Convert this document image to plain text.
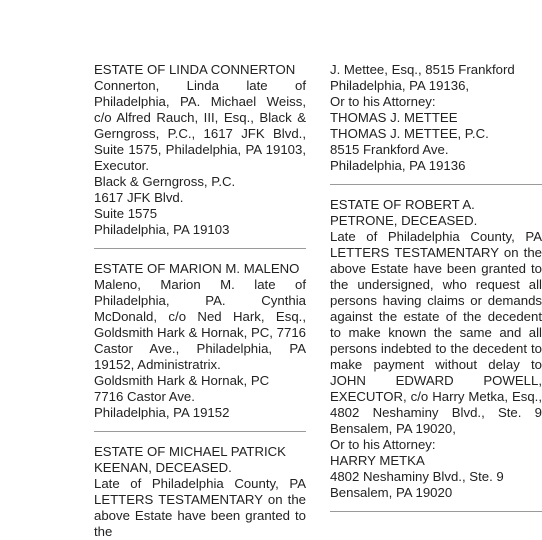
ESTATE OF LINDA CONNERTON
Connerton, Linda late of Philadelphia, PA. Michael Weiss, c/o Alfred Rauch, III, Esq., Black & Gerngross, P.C., 1617 JFK Blvd., Suite 1575, Philadelphia, PA 19103, Executor.
Black & Gerngross, P.C.
1617 JFK Blvd.
Suite 1575
Philadelphia, PA 19103
ESTATE OF MARION M. MALENO
Maleno, Marion M. late of Philadelphia, PA. Cynthia McDonald, c/o Ned Hark, Esq., Goldsmith Hark & Hornak, PC, 7716 Castor Ave., Philadelphia, PA 19152, Administratrix.
Goldsmith Hark & Hornak, PC
7716 Castor Ave.
Philadelphia, PA 19152
ESTATE OF MICHAEL PATRICK
KEENAN, DECEASED.
Late of Philadelphia County, PA LETTERS TESTAMENTARY on the above Estate have been granted to the
J. Mettee, Esq., 8515 Frankford
Philadelphia, PA 19136,
Or to his Attorney:
THOMAS J. METTEE
THOMAS J. METTEE, P.C.
8515 Frankford Ave.
Philadelphia, PA 19136
ESTATE OF ROBERT A.
PETRONE, DECEASED.
Late of Philadelphia County, PA LETTERS TESTAMENTARY on the above Estate have been granted to the undersigned, who request all persons having claims or demands against the estate of the decedent to make known the same and all persons indebted to the decedent to make payment without delay to JOHN EDWARD POWELL, EXECUTOR, c/o Harry Metka, Esq., 4802 Neshaminy Blvd., Ste. 9 Bensalem, PA 19020,
Or to his Attorney:
HARRY METKA
4802 Neshaminy Blvd., Ste. 9
Bensalem, PA 19020
